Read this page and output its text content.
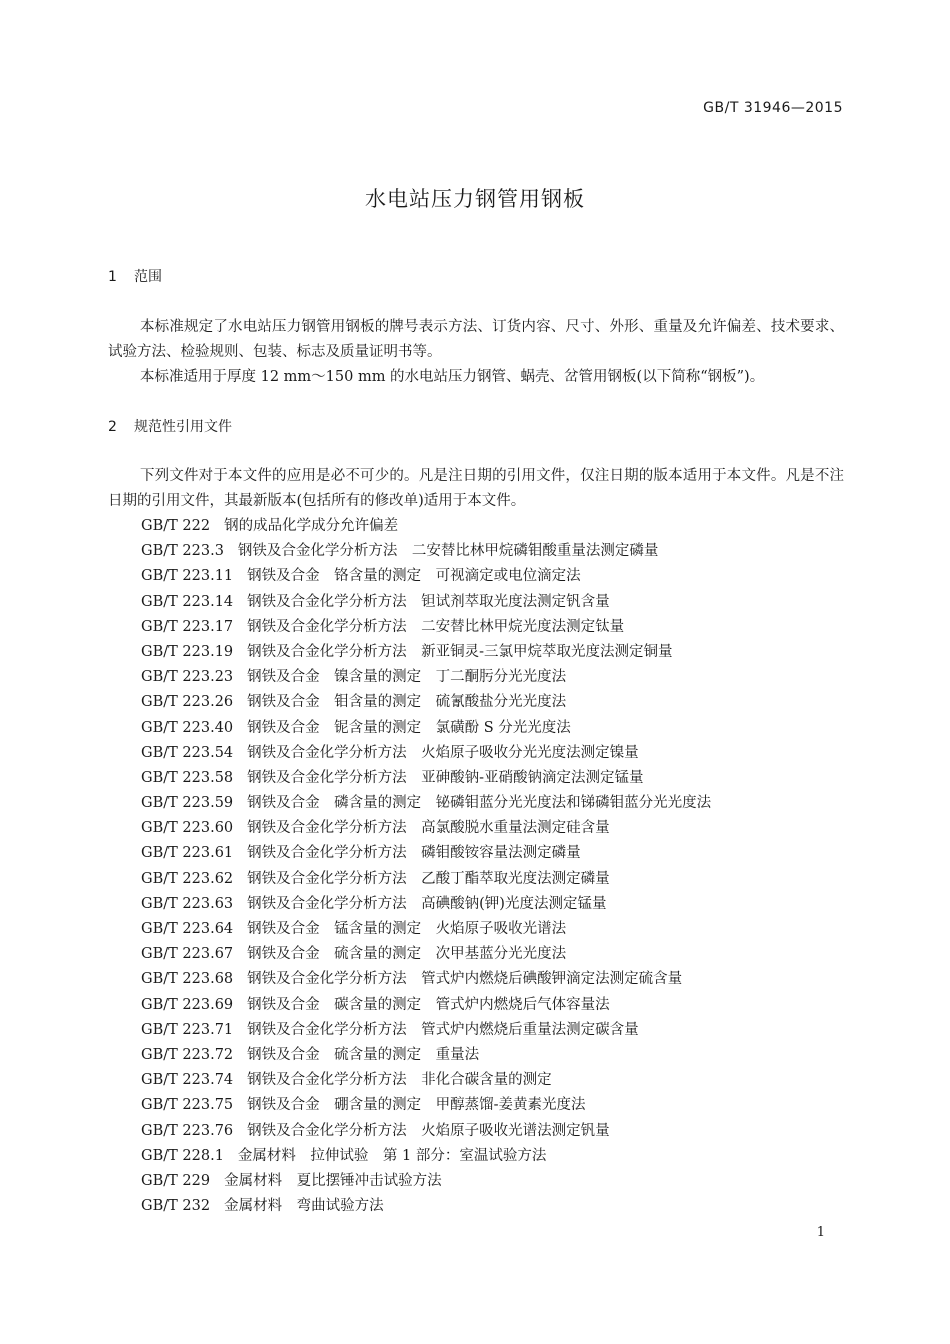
GB/T 31946—2015
水电站压力钢管用钢板
1 范围

本标准规定了水电站压力钢管用钢板的牌号表示方法、订货内容、尺寸、外形、重量及允许偏差、技术要求、试验方法、检验规则、包装、标志及质量证明书等。

本标准适用于厚度 12 mm～150 mm 的水电站压力钢管、蜗壳、岔管用钢板(以下简称“钢板”)。

2 规范性引用文件

下列文件对于本文件的应用是必不可少的。凡是注日期的引用文件，仅注日期的版本适用于本文件。凡是不注日期的引用文件，其最新版本(包括所有的修改单)适用于本文件。

GB/T 222 钢的成品化学成分允许偏差
GB/T 223.3 钢铁及合金化学分析方法　二安替比林甲烷磷钼酸重量法测定磷量
GB/T 223.11 钢铁及合金　铬含量的测定　可视滴定或电位滴定法
GB/T 223.14 钢铁及合金化学分析方法　钽试剂萃取光度法测定钒含量
GB/T 223.17 钢铁及合金化学分析方法　二安替比林甲烷光度法测定钛量
GB/T 223.19 钢铁及合金化学分析方法　新亚铜灵-三氯甲烷萃取光度法测定铜量
GB/T 223.23 钢铁及合金　镍含量的测定　丁二酮肟分光光度法
GB/T 223.26 钢铁及合金　钼含量的测定　硫氰酸盐分光光度法
GB/T 223.40 钢铁及合金　铌含量的测定　氯磺酚 S 分光光度法
GB/T 223.54 钢铁及合金化学分析方法　火焰原子吸收分光光度法测定镍量
GB/T 223.58 钢铁及合金化学分析方法　亚砷酸钠-亚硝酸钠滴定法测定锰量
GB/T 223.59 钢铁及合金　磷含量的测定　铋磷钼蓝分光光度法和锑磷钼蓝分光光度法
GB/T 223.60 钢铁及合金化学分析方法　高氯酸脱水重量法测定硅含量
GB/T 223.61 钢铁及合金化学分析方法　磷钼酸铵容量法测定磷量
GB/T 223.62 钢铁及合金化学分析方法　乙酸丁酯萃取光度法测定磷量
GB/T 223.63 钢铁及合金化学分析方法　高碘酸钠(钾)光度法测定锰量
GB/T 223.64 钢铁及合金　锰含量的测定　火焰原子吸收光谱法
GB/T 223.67 钢铁及合金　硫含量的测定　次甲基蓝分光光度法
GB/T 223.68 钢铁及合金化学分析方法　管式炉内燃烧后碘酸钾滴定法测定硫含量
GB/T 223.69 钢铁及合金　碳含量的测定　管式炉内燃烧后气体容量法
GB/T 223.71 钢铁及合金化学分析方法　管式炉内燃烧后重量法测定碳含量
GB/T 223.72 钢铁及合金　硫含量的测定　重量法
GB/T 223.74 钢铁及合金化学分析方法　非化合碳含量的测定
GB/T 223.75 钢铁及合金　硼含量的测定　甲醇蒸馏-姜黄素光度法
GB/T 223.76 钢铁及合金化学分析方法　火焰原子吸收光谱法测定钒量
GB/T 228.1 金属材料　拉伸试验　第 1 部分：室温试验方法
GB/T 229 金属材料　夏比摆锤冲击试验方法
GB/T 232 金属材料　弯曲试验方法
1
